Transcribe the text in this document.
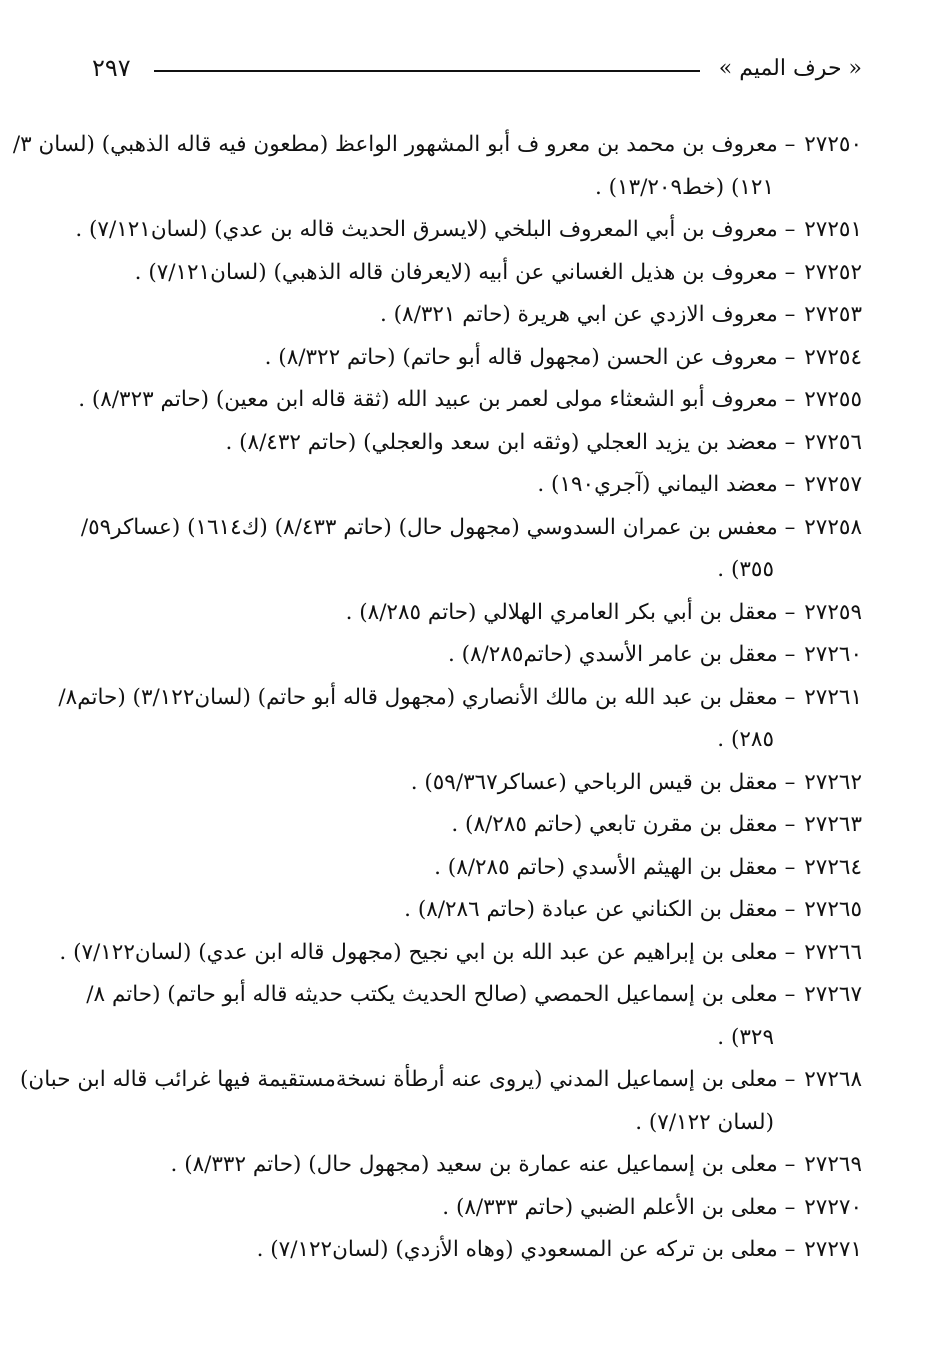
« حرف الميم »
٢٩٧
٢٧٢٥٠ – معروف بن محمد بن معرو ف أبو المشهور الواعظ (مطعون فيه قاله الذهبي) (لسان ٣/
١٢١) (خط١٣/٢٠٩) .
٢٧٢٥١ – معروف بن أبي المعروف البلخي (لايسرق الحديث قاله بن عدي) (لسان٧/١٢١) .
٢٧٢٥٢ – معروف بن هذيل الغساني عن أبيه (لايعرفان قاله الذهبي) (لسان٧/١٢١) .
٢٧٢٥٣ – معروف الازدي عن ابي هريرة (حاتم ٨/٣٢١) .
٢٧٢٥٤ – معروف عن الحسن (مجهول قاله أبو حاتم) (حاتم ٨/٣٢٢) .
٢٧٢٥٥ – معروف أبو الشعثاء مولى لعمر بن عبيد الله (ثقة قاله ابن معين) (حاتم ٨/٣٢٣) .
٢٧٢٥٦ – معضد بن يزيد العجلي (وثقه ابن سعد والعجلي) (حاتم ٨/٤٣٢) .
٢٧٢٥٧ – معضد اليماني (آجري١٩٠) .
٢٧٢٥٨ – معفس بن عمران السدوسي (مجهول حال) (حاتم ٨/٤٣٣) (ك١٦١٤) (عساكر٥٩/
٣٥٥) .
٢٧٢٥٩ – معقل بن أبي بكر العامري الهلالي (حاتم ٨/٢٨٥) .
٢٧٢٦٠ – معقل بن عامر الأسدي (حاتم٨/٢٨٥) .
٢٧٢٦١ – معقل بن عبد الله بن مالك الأنصاري (مجهول قاله أبو حاتم) (لسان٣/١٢٢) (حاتم٨/
٢٨٥) .
٢٧٢٦٢ – معقل بن قيس الرباحي (عساكر٥٩/٣٦٧) .
٢٧٢٦٣ – معقل بن مقرن تابعي (حاتم ٨/٢٨٥) .
٢٧٢٦٤ – معقل بن الهيثم الأسدي (حاتم ٨/٢٨٥) .
٢٧٢٦٥ – معقل بن الكناني عن عبادة (حاتم ٨/٢٨٦) .
٢٧٢٦٦ – معلى بن إبراهيم عن عبد الله بن ابي نجيح (مجهول قاله ابن عدي) (لسان٧/١٢٢) .
٢٧٢٦٧ – معلى بن إسماعيل الحمصي (صالح الحديث يكتب حديثه قاله أبو حاتم) (حاتم ٨/
٣٢٩) .
٢٧٢٦٨ – معلى بن إسماعيل المدني (يروى عنه أرطأة نسخةمستقيمة فيها غرائب قاله ابن حبان)
(لسان ٧/١٢٢) .
٢٧٢٦٩ – معلى بن إسماعيل عنه عمارة بن سعيد (مجهول حال) (حاتم ٨/٣٣٢) .
٢٧٢٧٠ – معلى بن الأعلم الضبي (حاتم ٨/٣٣٣) .
٢٧٢٧١ – معلى بن تركه عن المسعودي (وهاه الأزدي) (لسان٧/١٢٢) .
